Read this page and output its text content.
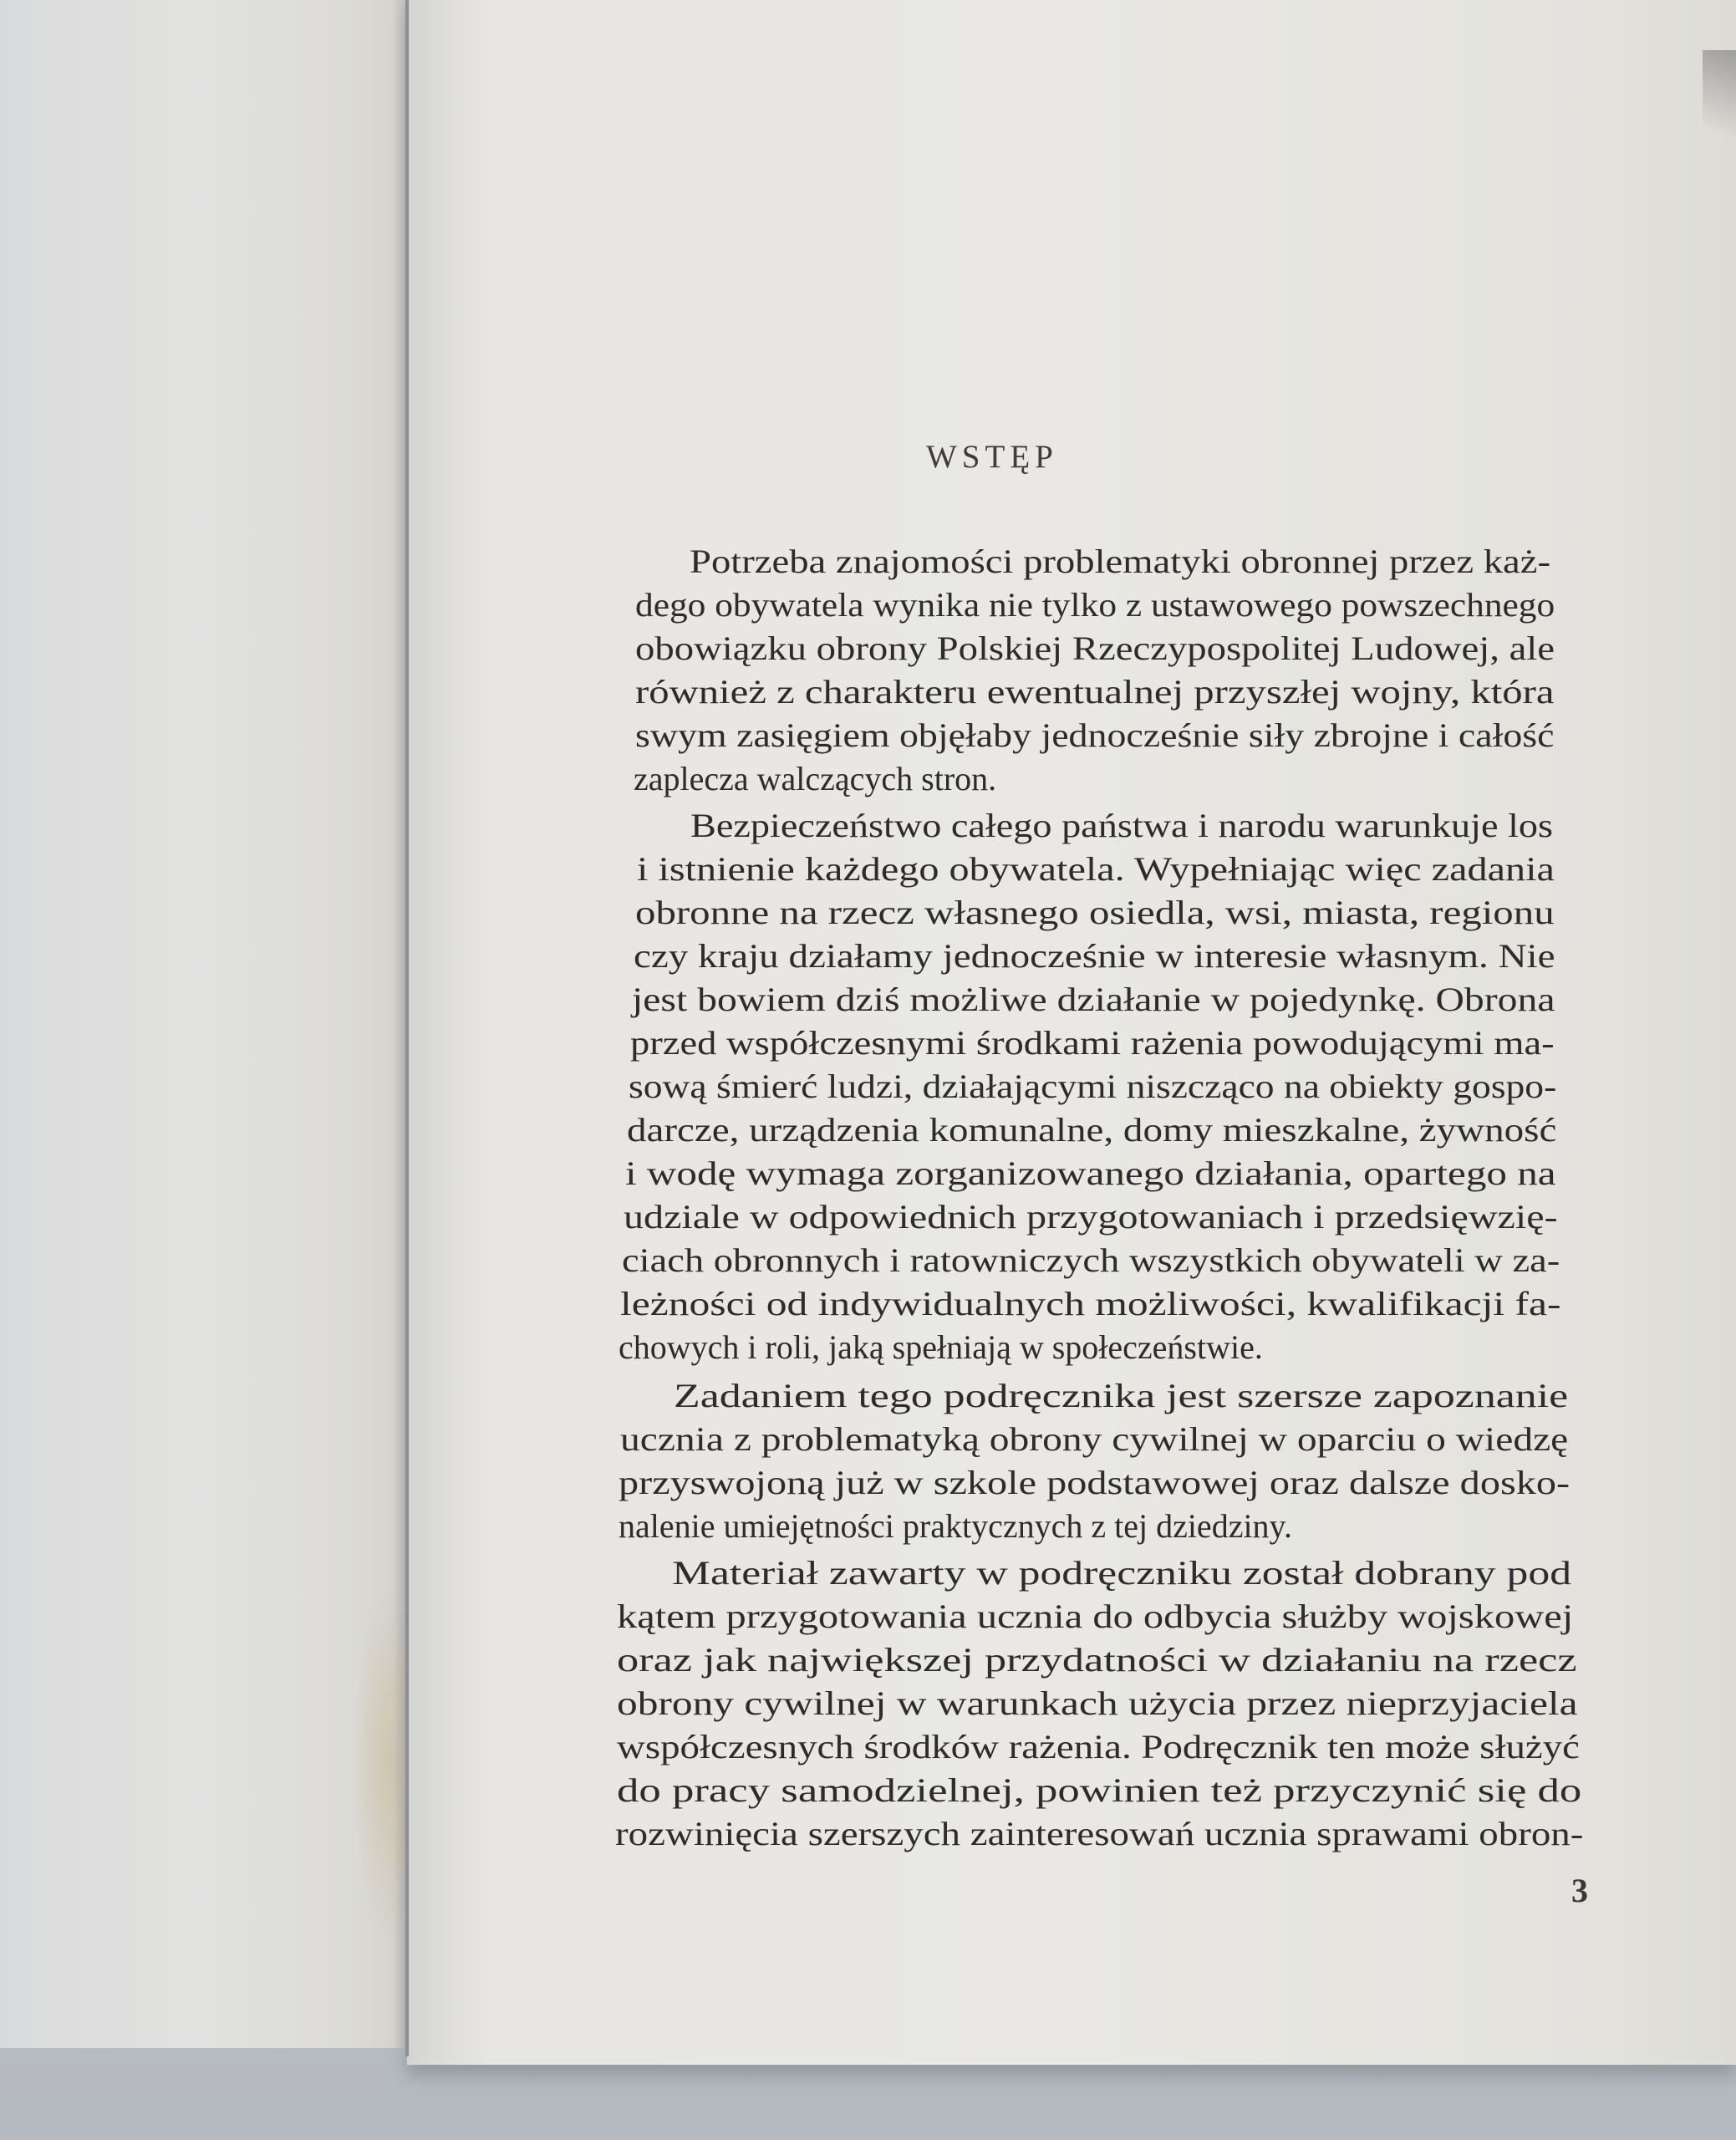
WSTĘP
Potrzeba znajomości problematyki obronnej przez każ-
dego obywatela wynika nie tylko z ustawowego powszechnego
obowiązku obrony Polskiej Rzeczypospolitej Ludowej, ale
również z charakteru ewentualnej przyszłej wojny, która
swym zasięgiem objęłaby jednocześnie siły zbrojne i całość
zaplecza walczących stron.
Bezpieczeństwo całego państwa i narodu warunkuje los
i istnienie każdego obywatela. Wypełniając więc zadania
obronne na rzecz własnego osiedla, wsi, miasta, regionu
czy kraju działamy jednocześnie w interesie własnym. Nie
jest bowiem dziś możliwe działanie w pojedynkę. Obrona
przed współczesnymi środkami rażenia powodującymi ma-
sową śmierć ludzi, działającymi niszcząco na obiekty gospo-
darcze, urządzenia komunalne, domy mieszkalne, żywność
i wodę wymaga zorganizowanego działania, opartego na
udziale w odpowiednich przygotowaniach i przedsięwzię-
ciach obronnych i ratowniczych wszystkich obywateli w za-
leżności od indywidualnych możliwości, kwalifikacji fa-
chowych i roli, jaką spełniają w społeczeństwie.
Zadaniem tego podręcznika jest szersze zapoznanie
ucznia z problematyką obrony cywilnej w oparciu o wiedzę
przyswojoną już w szkole podstawowej oraz dalsze dosko-
nalenie umiejętności praktycznych z tej dziedziny.
Materiał zawarty w podręczniku został dobrany pod
kątem przygotowania ucznia do odbycia służby wojskowej
oraz jak największej przydatności w działaniu na rzecz
obrony cywilnej w warunkach użycia przez nieprzyjaciela
współczesnych środków rażenia. Podręcznik ten może służyć
do pracy samodzielnej, powinien też przyczynić się do
rozwinięcia szerszych zainteresowań ucznia sprawami obron-
3
